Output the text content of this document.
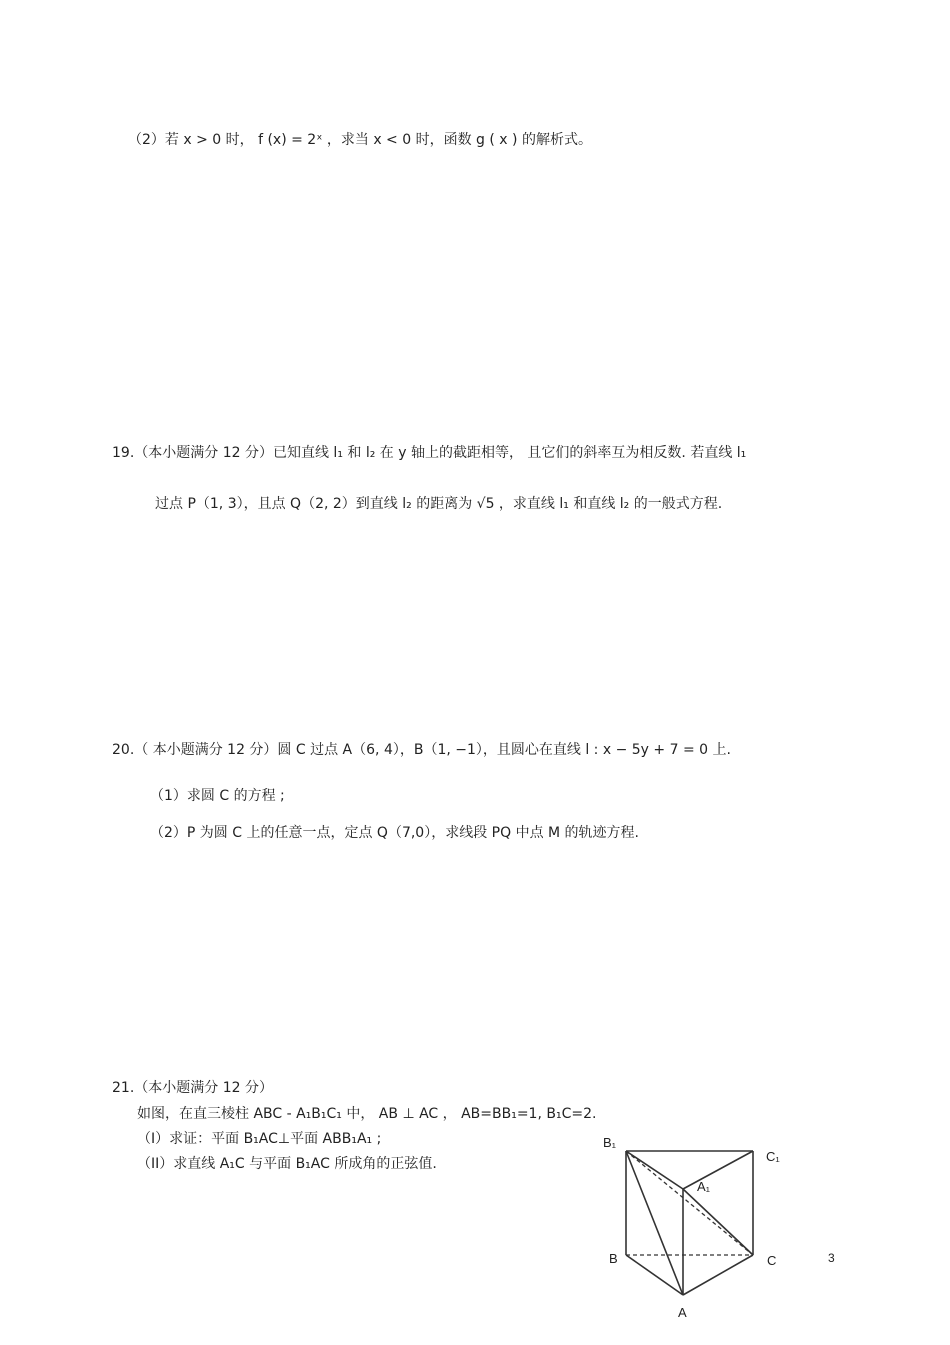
（2）若 x > 0 时， f (x) = 2ˣ ，求当 x < 0 时，函数 g ( x ) 的解析式。
19.（本小题满分 12 分）已知直线 l₁ 和 l₂ 在 y 轴上的截距相等， 且它们的斜率互为相反数. 若直线 l₁
过点 P（1, 3），且点 Q（2, 2）到直线 l₂ 的距离为 √5 ，求直线 l₁ 和直线 l₂ 的一般式方程.
20.（ 本小题满分 12 分）圆 C 过点 A（6, 4），B（1, −1），且圆心在直线 l : x − 5y + 7 = 0 上.
（1）求圆 C 的方程 ;
（2）P 为圆 C 上的任意一点，定点 Q（7,0），求线段 PQ 中点 M 的轨迹方程.
21.（本小题满分 12 分）
如图，在直三棱柱 ABC - A₁B₁C₁ 中， AB ⊥ AC ， AB=BB₁=1, B₁C=2.
（I）求证：平面 B₁AC⊥平面 ABB₁A₁ ;
（II）求直线 A₁C 与平面 B₁AC 所成角的正弦值.
B₁
C₁
A₁
B	C
A
3
